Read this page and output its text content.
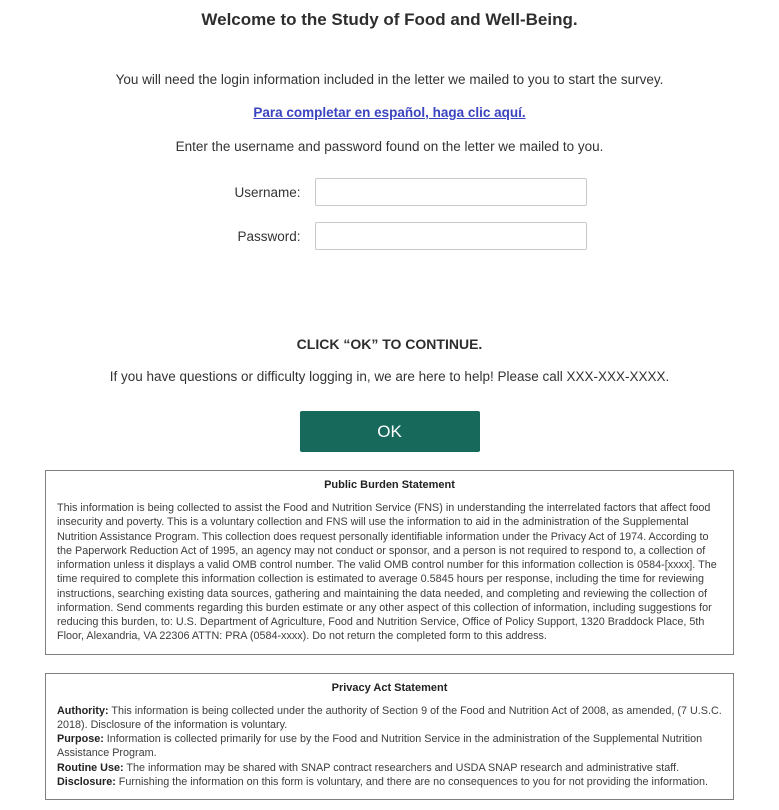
Welcome to the Study of Food and Well-Being.
You will need the login information included in the letter we mailed to you to start the survey.
Para completar en español, haga clic aquí.
Enter the username and password found on the letter we mailed to you.
Username:
Password:
CLICK “OK” TO CONTINUE.
If you have questions or difficulty logging in, we are here to help! Please call XXX-XXX-XXXX.
OK
Public Burden Statement
This information is being collected to assist the Food and Nutrition Service (FNS) in understanding the interrelated factors that affect food insecurity and poverty. This is a voluntary collection and FNS will use the information to aid in the administration of the Supplemental Nutrition Assistance Program. This collection does request personally identifiable information under the Privacy Act of 1974. According to the Paperwork Reduction Act of 1995, an agency may not conduct or sponsor, and a person is not required to respond to, a collection of information unless it displays a valid OMB control number. The valid OMB control number for this information collection is 0584-[xxxx]. The time required to complete this information collection is estimated to average 0.5845 hours per response, including the time for reviewing instructions, searching existing data sources, gathering and maintaining the data needed, and completing and reviewing the collection of information. Send comments regarding this burden estimate or any other aspect of this collection of information, including suggestions for reducing this burden, to: U.S. Department of Agriculture, Food and Nutrition Service, Office of Policy Support, 1320 Braddock Place, 5th Floor, Alexandria, VA 22306 ATTN: PRA (0584-xxxx). Do not return the completed form to this address.
Privacy Act Statement
Authority: This information is being collected under the authority of Section 9 of the Food and Nutrition Act of 2008, as amended, (7 U.S.C. 2018). Disclosure of the information is voluntary.
Purpose: Information is collected primarily for use by the Food and Nutrition Service in the administration of the Supplemental Nutrition Assistance Program.
Routine Use: The information may be shared with SNAP contract researchers and USDA SNAP research and administrative staff.
Disclosure: Furnishing the information on this form is voluntary, and there are no consequences to you for not providing the information.
